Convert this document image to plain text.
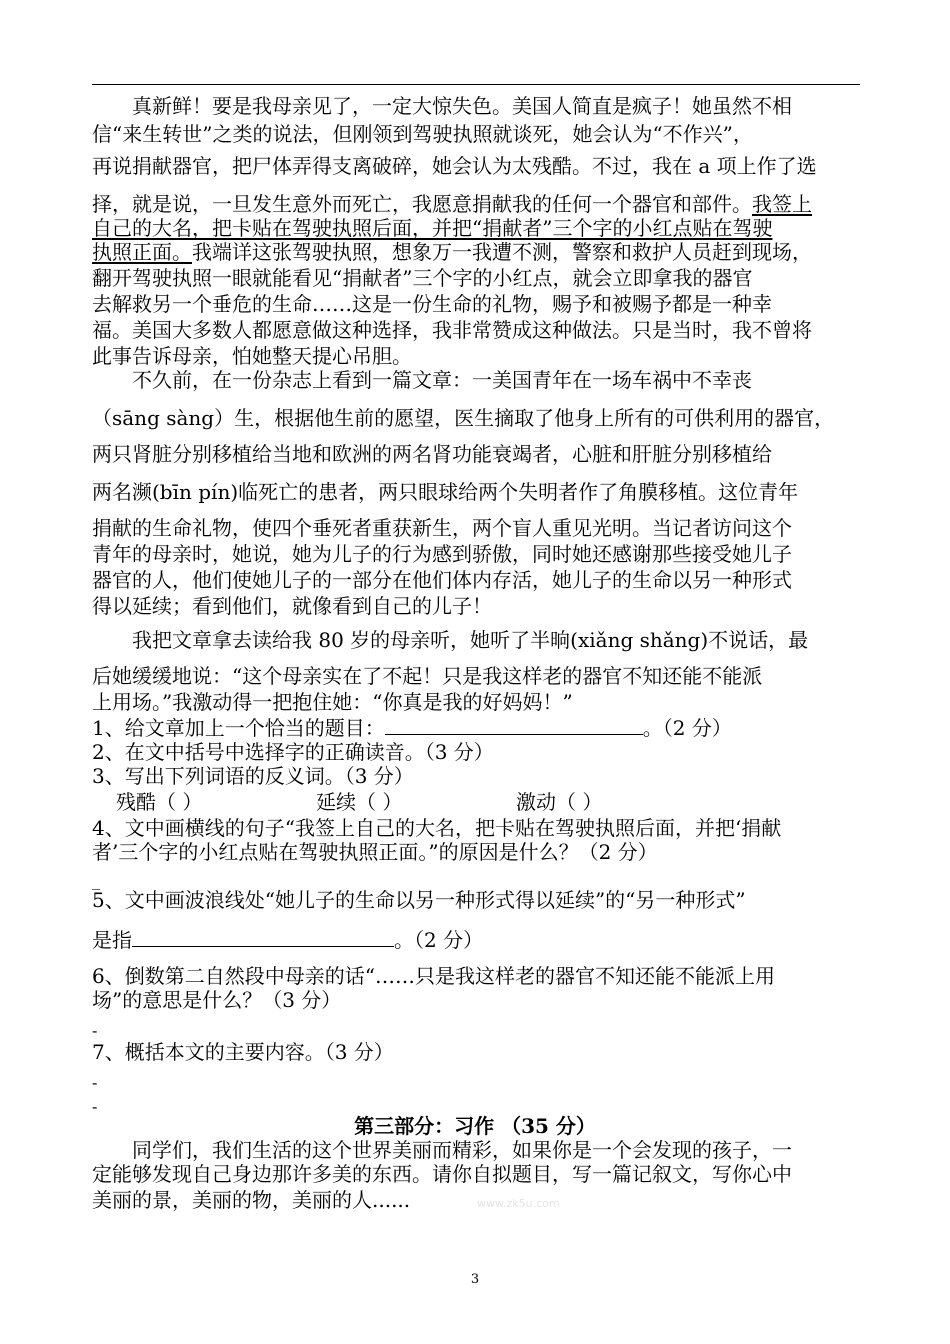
真新鲜！要是我母亲见了，一定大惊失色。美国人简直是疯子！她虽然不相
信“来生转世”之类的说法，但刚领到驾驶执照就谈死，她会认为“不作兴”，
再说捐献器官，把尸体弄得支离破碎，她会认为太残酷。不过，我在 a 项上作了选
择，就是说，一旦发生意外而死亡，我愿意捐献我的任何一个器官和部件。我签上
自己的大名，把卡贴在驾驶执照后面，并把“捐献者”三个字的小红点贴在驾驶
执照正面。我端详这张驾驶执照，想象万一我遭不测，警察和救护人员赶到现场，
翻开驾驶执照一眼就能看见“捐献者”三个字的小红点，就会立即拿我的器官
去解救另一个垂危的生命……这是一份生命的礼物，赐予和被赐予都是一种幸
福。美国大多数人都愿意做这种选择，我非常赞成这种做法。只是当时，我不曾将
此事告诉母亲，怕她整天提心吊胆。
不久前，在一份杂志上看到一篇文章：一美国青年在一场车祸中不幸丧
（sāng sàng）生，根据他生前的愿望，医生摘取了他身上所有的可供利用的器官，
两只肾脏分别移植给当地和欧洲的两名肾功能衰竭者，心脏和肝脏分别移植给
两名濒(bīn pín)临死亡的患者，两只眼球给两个失明者作了角膜移植。这位青年
捐献的生命礼物，使四个垂死者重获新生，两个盲人重见光明。当记者访问这个
青年的母亲时，她说，她为儿子的行为感到骄傲，同时她还感谢那些接受她儿子
器官的人，他们使她儿子的一部分在他们体内存活，她儿子的生命以另一种形式
得以延续；看到他们，就像看到自己的儿子！
我把文章拿去读给我 80 岁的母亲听，她听了半晌(xiǎng shǎng)不说话，最
后她缓缓地说：“这个母亲实在了不起！只是我这样老的器官不知还能不能派
上用场。”我激动得一把抱住她：“你真是我的好妈妈！”
1、给文章加上一个恰当的题目：	。（2 分）
2、在文中括号中选择字的正确读音。（3 分）
3、写出下列词语的反义词。（3 分）
残酷（ ）	延续（ ）	激动（ ）
4、文中画横线的句子“我签上自己的大名，把卡贴在驾驶执照后面，并把‘捐献
者’三个字的小红点贴在驾驶执照正面。”的原因是什么？（2 分）
_
5、文中画波浪线处“她儿子的生命以另一种形式得以延续”的“另一种形式”
是指	。（2 分）
6、倒数第二自然段中母亲的话“……只是我这样老的器官不知还能不能派上用
场”的意思是什么？（3 分）
-
7、概括本文的主要内容。（3 分）
-
-
第三部分：习作 （35 分）
同学们，我们生活的这个世界美丽而精彩，如果你是一个会发现的孩子，一
定能够发现自己身边那许多美的东西。请你自拟题目，写一篇记叙文，写你心中
美丽的景，美丽的物，美丽的人......	www.zk5u.com
3
